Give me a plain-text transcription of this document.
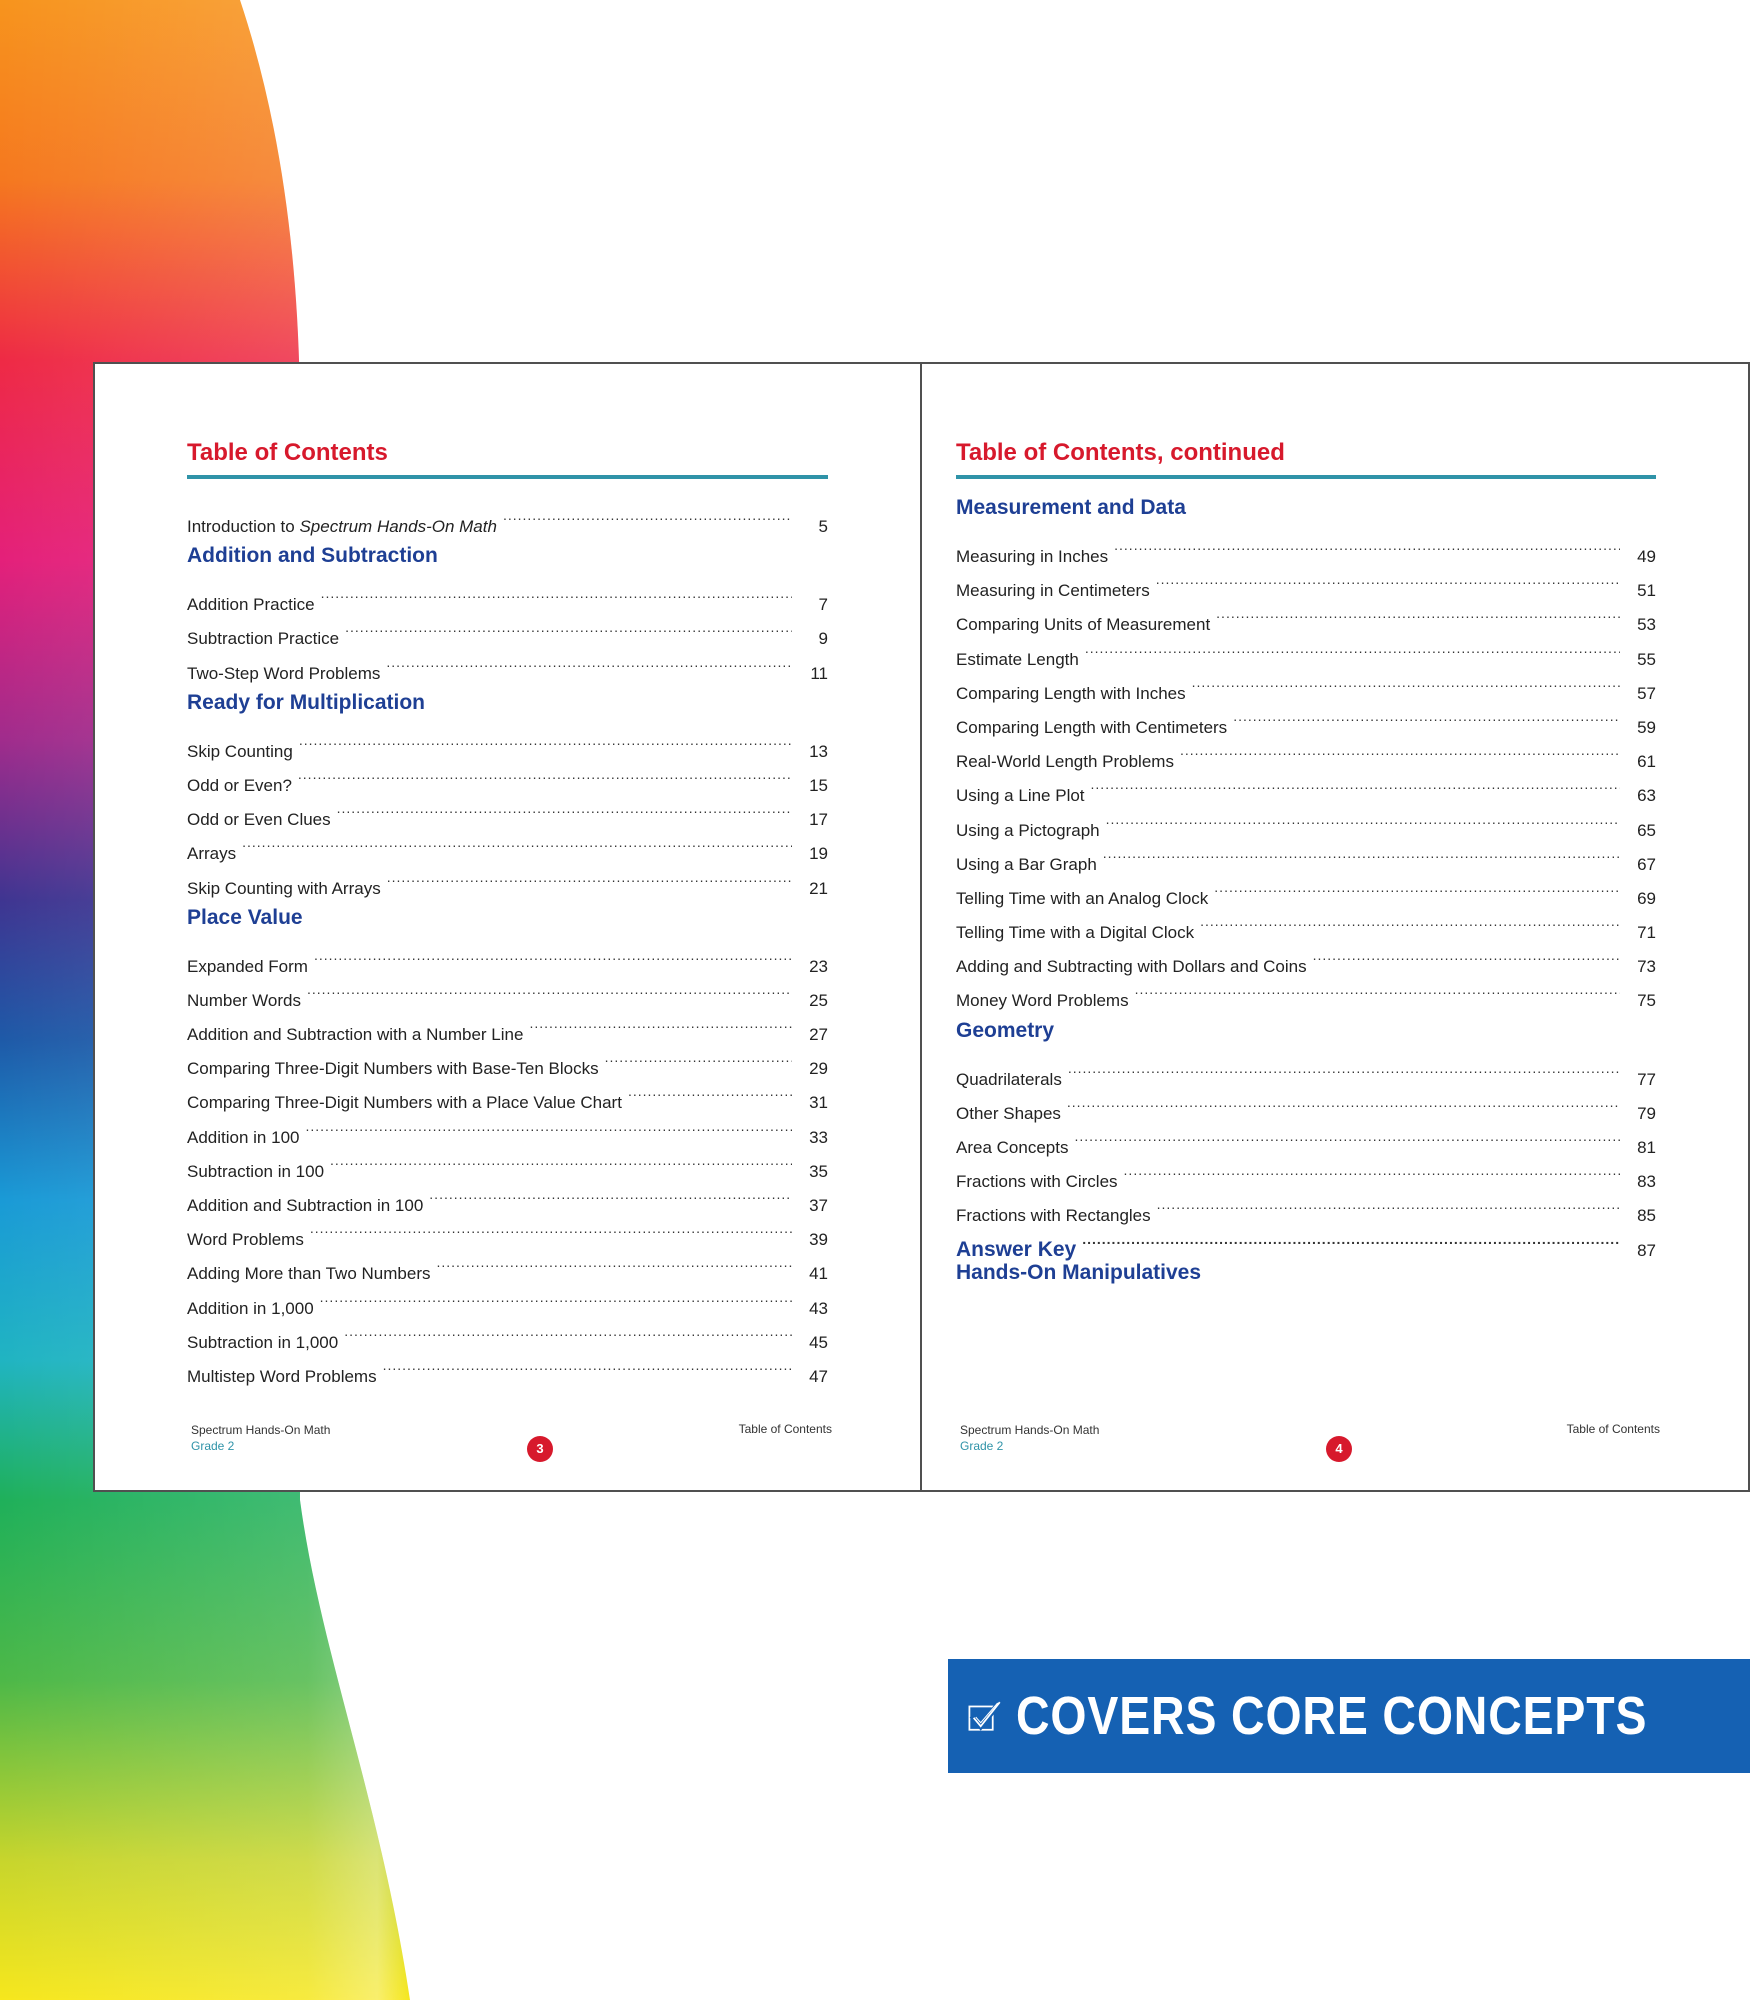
Table of Contents
Introduction to Spectrum Hands-On Math .....	5
Addition and Subtraction
Addition Practice .....	7
Subtraction Practice .....	9
Two-Step Word Problems .....	11
Ready for Multiplication
Skip Counting .....	13
Odd or Even? .....	15
Odd or Even Clues .....	17
Arrays .....	19
Skip Counting with Arrays .....	21
Place Value
Expanded Form .....	23
Number Words .....	25
Addition and Subtraction with a Number Line .....	27
Comparing Three-Digit Numbers with Base-Ten Blocks .....	29
Comparing Three-Digit Numbers with a Place Value Chart .....	31
Addition in 100 .....	33
Subtraction in 100 .....	35
Addition and Subtraction in 100 .....	37
Word Problems .....	39
Adding More than Two Numbers .....	41
Addition in 1,000 .....	43
Subtraction in 1,000 .....	45
Multistep Word Problems .....	47
Spectrum Hands-On Math
Grade 2
Table of Contents
3
Table of Contents, continued
Measurement and Data
Measuring in Inches .....	49
Measuring in Centimeters .....	51
Comparing Units of Measurement .....	53
Estimate Length .....	55
Comparing Length with Inches .....	57
Comparing Length with Centimeters .....	59
Real-World Length Problems .....	61
Using a Line Plot .....	63
Using a Pictograph .....	65
Using a Bar Graph .....	67
Telling Time with an Analog Clock .....	69
Telling Time with a Digital Clock .....	71
Adding and Subtracting with Dollars and Coins .....	73
Money Word Problems .....	75
Geometry
Quadrilaterals .....	77
Other Shapes .....	79
Area Concepts .....	81
Fractions with Circles .....	83
Fractions with Rectangles .....	85
Answer Key .....	87
Hands-On Manipulatives
Spectrum Hands-On Math
Grade 2
Table of Contents
4
COVERS CORE CONCEPTS
